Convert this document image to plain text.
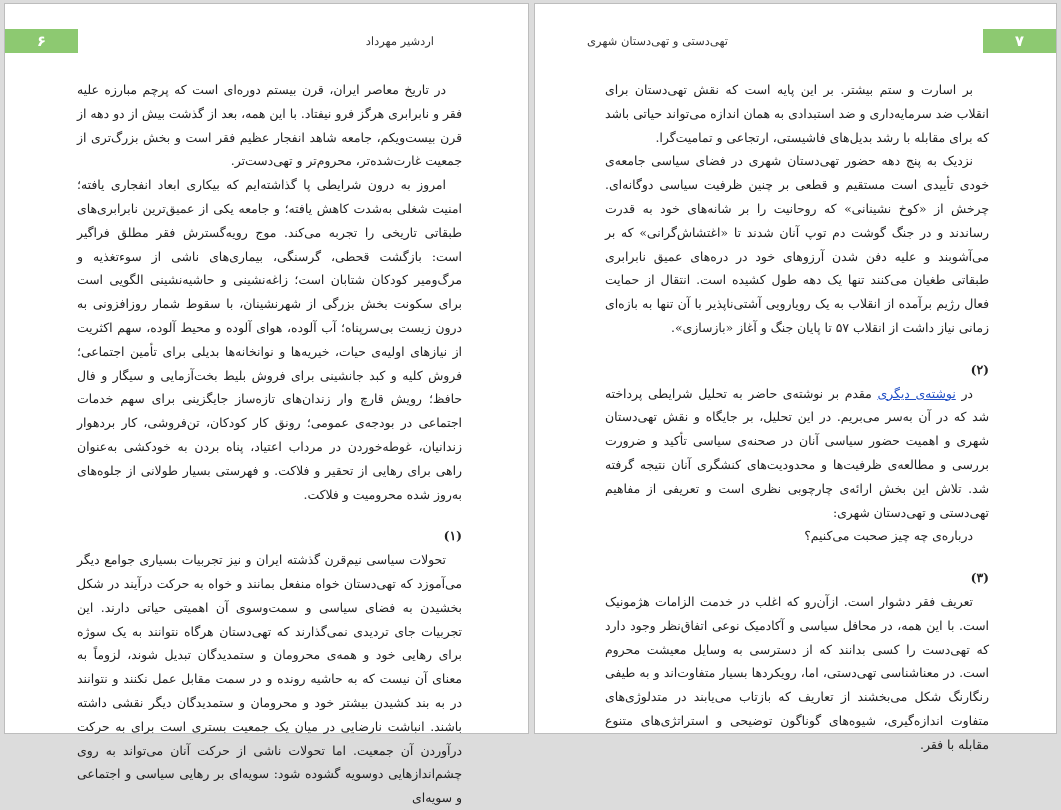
۶	اردشیر مهرداد

در تاریخ معاصر ایران، قرن بیستم دوره‌ای است که پرچم مبارزه علیه فقر و نابرابری هرگز فرو نیفتاد. با این همه، بعد از گذشت بیش از دو دهه از قرن بیست‌ویکم، جامعه شاهد انفجار عظیم فقر است و بخش بزرگ‌تری از جمعیت غارت‌شده‌تر، محروم‌تر و تهی‌دست‌تر.

امروز به درون شرایطی پا گذاشته‌ایم که بیکاری ابعاد انفجاری یافته؛ امنیت شغلی به‌شدت کاهش یافته؛ و جامعه یکی از عمیق‌ترین نابرابری‌های طبقاتی تاریخی را تجربه می‌کند. موج رویه‌گسترش فقر مطلق فراگیر است: بازگشت قحطی، گرسنگی، بیماری‌های ناشی از سوءتغذیه و مرگ‌ومیر کودکان شتابان است؛ زاغه‌نشینی و حاشیه‌نشینی الگویی است برای سکونت بخش بزرگی از شهرنشینان، با سقوط شمار روزافزونی به درون زیست بی‌سرپناه؛ آب آلوده، هوای آلوده و محیط آلوده، سهم اکثریت از نیازهای اولیه‌ی حیات، خیریه‌ها و نوانخانه‌ها بدیلی برای تأمین اجتماعی؛ فروش کلیه و کبد جانشینی برای فروش بلیط بخت‌آزمایی و سیگار و فال حافظ؛ رویش قارچ وار زندان‌های تازه‌ساز جایگزینی برای سهم خدمات اجتماعی در بودجه‌ی عمومی؛ رونق کار کودکان، تن‌فروشی، کار بردهوار زندانیان، غوطه‌خوردن در مرداب اعتیاد، پناه بردن به خودکشی به‌عنوان راهی برای رهایی از تحقیر و فلاکت. و فهرستی بسیار طولانی از جلوه‌های به‌روز شده محرومیت و فلاکت.

(۱)

تحولات سیاسی نیم‌قرن گذشته ایران و نیز تجربیات بسیاری جوامع دیگر می‌آموزد که تهی‌دستان خواه منفعل بمانند و خواه به حرکت درآیند در شکل بخشیدن به فضای سیاسی و سمت‌وسوی آن اهمیتی حیاتی دارند. این تجربیات جای تردیدی نمی‌گذارند که تهی‌دستان هرگاه نتوانند به یک سوژه برای رهایی خود و همه‌ی محرومان و ستمدیدگان تبدیل شوند، لزوماً به معنای آن نیست که به حاشیه رونده و در سمت مقابل عمل نکنند و نتوانند در به بند کشیدن بیشتر خود و محرومان و ستمدیدگان دیگر نقشی داشته باشند. انباشت نارضایی در میان یک جمعیت بستری است برای به حرکت درآوردن آن جمعیت. اما تحولات ناشی از حرکت آنان می‌تواند به روی چشم‌اندازهایی دوسویه گشوده شود: سویه‌ای بر رهایی سیاسی و اجتماعی و سویه‌ای

۷
تهی‌دستی و تهی‌دستان شهری

بر اسارت و ستم بیشتر. بر این پایه است که نقش تهی‌دستان برای انقلاب ضد سرمایه‌داری و ضد استبدادی به همان اندازه می‌تواند حیاتی باشد که برای مقابله با رشد بدیل‌های فاشیستی، ارتجاعی و تمامیت‌گرا.

نزدیک به پنج دهه حضور تهی‌دستان شهری در فضای سیاسی جامعه‌ی خودی تأییدی است مستقیم و قطعی بر چنین ظرفیت سیاسی دوگانه‌ای. چرخش از «کوخ نشینانی» که روحانیت را بر شانه‌های خود به قدرت رساندند و در جنگ گوشت دم توپ آنان شدند تا «اغتشاش‌گرانی» که بر می‌آشوبند و علیه دفن شدن آرزوهای خود در دره‌های عمیق نابرابری طبقاتی طغیان می‌کنند تنها یک دهه طول کشیده است. انتقال از حمایت فعال رژیم برآمده از انقلاب به یک رویارویی آشتی‌ناپذیر با آن تنها به بازه‌ای زمانی نیاز داشت از انقلاب ۵۷ تا پایان جنگ و آغاز «بازسازی».

(۲)

در نوشته‌ی دیگری مقدم بر نوشته‌ی حاضر به تحلیل شرایطی پرداخته شد که در آن به‌سر می‌بریم. در این تحلیل، بر جایگاه و نقش تهی‌دستان شهری و اهمیت حضور سیاسی آنان در صحنه‌ی سیاسی تأکید و ضرورت بررسی و مطالعه‌ی ظرفیت‌ها و محدودیت‌های کنشگری آنان نتیجه گرفته شد. تلاش این بخش ارائه‌ی چارچوبی نظری است و تعریفی از مفاهیم تهی‌دستی و تهی‌دستان شهری:

درباره‌ی چه چیز صحبت می‌کنیم؟

(۳)

تعریف فقر دشوار است. ازآن‌رو که اغلب در خدمت الزامات هژمونیک است. با این همه، در محافل سیاسی و آکادمیک نوعی اتفاق‌نظر وجود دارد که تهی‌دست را کسی بدانند که از دسترسی به وسایل معیشت محروم است. در معناشناسی تهی‌دستی، اما، رویکردها بسیار متفاوت‌اند و به طیفی رنگارنگ شکل می‌بخشند از تعاریف که بازتاب می‌یابند در متدلوژی‌های متفاوت اندازه‌گیری، شیوه‌های گوناگون توضیحی و استراتژی‌های متنوع مقابله با فقر.
